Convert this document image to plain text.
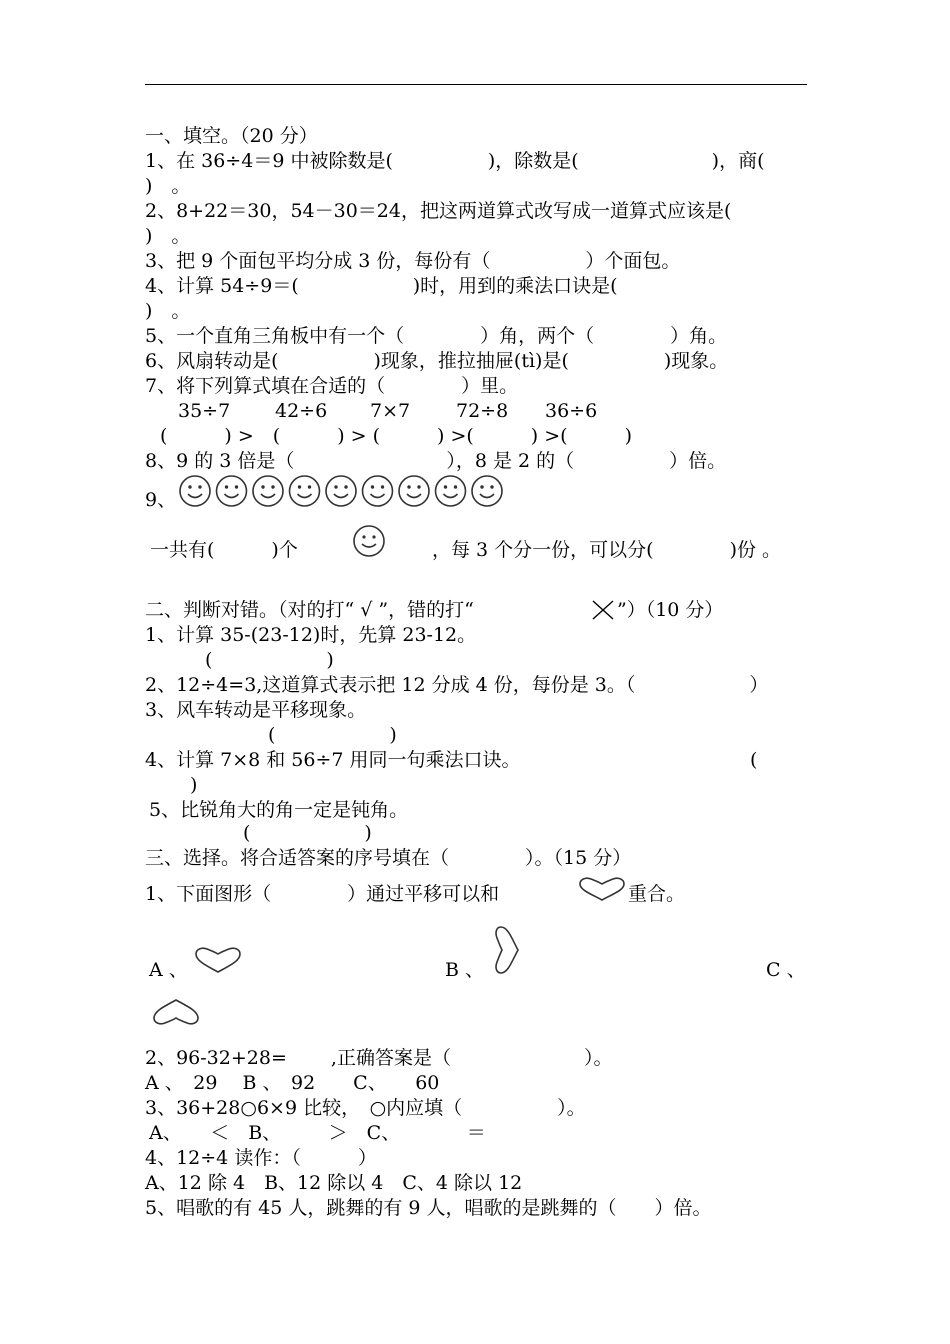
一、填空。（20 分）
1、在 36÷4＝9 中被除数是(　　　　　)，除数是(　　　　　　　)，商(
)　。
2、8+22＝30，54－30＝24，把这两道算式改写成一道算式应该是(
)　。
3、把 9 个面包平均分成 3 份，每份有（　　　　　）个面包。
4、计算 54÷9＝(　　　　　　)时，用到的乘法口诀是(
)　。
5、一个直角三角板中有一个（　　　　）角，两个（　　　　）角。
6、风扇转动是(　　　　　)现象，推拉抽屉(tì)是(　　　　　)现象。
7、将下列算式填在合适的（　　　　）里。
35÷7 42÷6 7×7 72÷8 36÷6
(　　　) >　(　　　) > (　　　) >(　　　) >(　　　)
8、9 的 3 倍是（　　　　　　　　），8 是 2 的（　　　　　）倍。
9、
一共有(　　　)个	，每 3 个分一份，可以分(　　　　)份 。
二、判断对错。（对的打“ √ ”，错的打“	”）（10 分）
1、计算 35-(23-12)时，先算 23-12。
(　　　　　　)
2、12÷4=3,这道算式表示把 12 分成 4 份，每份是 3。（　　　　　　）
3、风车转动是平移现象。
(　　　　　　)
4、计算 7×8 和 56÷7 用同一句乘法口诀。	(
)
5、比锐角大的角一定是钝角。
(　　　　　　)
三、选择。将合适答案的序号填在（　　　　）。（15 分）
1、下面图形（　　　　）通过平移可以和	重合。
A 、	B 、	C 、
2、96-32+28=　　 ,正确答案是（　　　　　　　）。
A 、　29　 B 、　92　　C、　　60
3、36+28○6×9 比较，　○内应填（　　　　　）。
A、　　＜　B、　　　＞　C、　　　　＝
4、12÷4 读作：（　　　）
A、12 除 4　B、12 除以 4　C、4 除以 12
5、唱歌的有 45 人，跳舞的有 9 人，唱歌的是跳舞的（　　）倍。
